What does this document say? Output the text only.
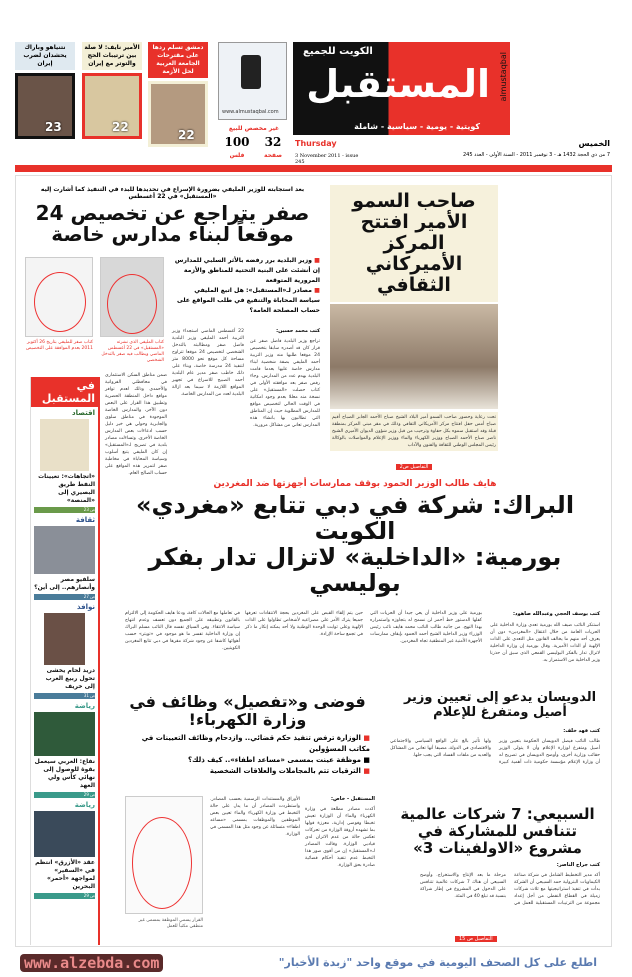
الكويت للجميع
المستقبل
كويتية - يومية - سياسية - شاملة
almustaqbal
www.almustaqbal.com
دمشق تسلم ردها على مقترحات الجامعة العربية لحل الأزمة
22
الأمير نايف: لا صلة بين ترتيبات الحج والتوتر مع إيران
22
نتنياهو وباراك يحشدان لضرب إيران
23	غير مخصص للبيع
100
فلس
32
صفحة
Thursday
3 November 2011 - issue 245
الخميس
7 من ذي الحجة 1432 هـ - 3 نوفمبر 2011 - السنة الأولى - العدد 245
صاحب السمو الأمير افتتح المركز الأميركاني الثقافي
تحت رعاية وحضور صاحب السمو أمير البلاد الشيخ صباح الأحمد الجابر الصباح أقيم صباح أمس حفل افتتاح مركز الأمريكاني الثقافي وذلك في مقر مبنى المركز بمنطقة قبلة وقد استقبل سموه بكل حفاوة وترحيب من قبل وزير شؤون الديوان الأميري الشيخ ناصر صباح الأحمد الصباح ووزير الكهرباء والماء ووزير الإعلام والمواصلات بالوكالة رئيس المجلس الوطني للثقافة والفنون والآداب
التفاصيل ص2
بعد استجابته للوزير المليفي بضرورة الإسراع في تحديدها للبدء في التنفيذ كما أشارت إليه «المستقبل» في 22 أغسطس
صفر يتراجع عن تخصيص 24 موقعاً لبناء مدارس خاصة
■ وزير البلدية برر رفضه بالأثر السلبي للمدارس إن أنشئت على البنية التحتية للمناطق والأزمة المرورية المتوقعة
■ مصادر لـ«المستقبل»: هل اتبع المليفي سياسة المحاباة والتنفيع في طلب المواقع على حساب المصلحة العامة؟
كتاب المليفي الذي نشرته «المستقبل» في 22 أغسطس الماضي ويطالب فيه صفر بالتدخل الشخصي
كتاب صفر للمليفي بتاريخ 26 أكتوبر 2011 بعدم الموافقة على التخصيص
كتب محمد حسين:
تراجع وزير البلدية فاضل صفر عن قرار كان قد أصدره سابقا بتخصيص 24 موقعا طلبها منه وزير التربية أحمد المليفي بصفة شخصية لبناء مدارس خاصة عليها بعدما قامت البلدية بهدم عدد من المدارس. وجاء رفض صفر بعد موافقته الأولى في كتاب حصلت «المستقبل» على نسخة منه معللا بعدم وجود امكانية في الوقت الحالي لتخصيص مواقع للمدارس المطلوبة حيث إن المناطق التي تطالبون بها بانشاء هذه المدارس تعاني من مشاكل مرورية.
22 أغسطس الماضي استجداء وزير التربية أحمد المليفي وزير البلدية فاضل صفر ومطالبته بالتدخل الشخصي لتخصيص 24 موقعا تتراوح مساحة كل موقع نحو 8000 متر لتنفيذ 24 مدرسة خاصة، وبناء على ذلك خاطب صفر مدير عام البلدية أحمد الصبيح للاسراع في تجهيز المواقع اللازمة لا سيما بعد ازالة البلدية لعدد من المدارس الخاصة.
ضمن مناطق السكن الاستثماري في محافظتي الفروانية والأحمدي وذلك لعدم توافر مواقع داخل المنطقة الحضرية وتطبيق هذا القرار على البعض دون الآخر، والمدارس الخاصة الموجودة في مناطق سلوى والجابرية وحولي هي خير دليل حسب ادعاءات بعض المدارس الخاصة الأخرى. وتساءلت مصادر بلدية في تصريح لـ«المستقبل» إن كان المليفي يتبع أسلوب وسياسة المحاباة في مخاطبة صفر لتمرير هذه المواقع على حساب الصالح العام.
في المستقبل
اقتصاد
«اتجاهات»: تعيينات النفط طريق البصيري إلى «المنصة»
ص 23
ثقافة
سلفيو مصر وأنصارهم.. إلى أين؟
ص 27
نوافذ
دريد لحام يخشى تحول ربيع العرب إلى خريف
ص 31
رياضة
نفاع: العربي سيعمل بقوة للوصول إلى نهائي كأس ولي العهد
ص 29
رياضة
عقد «الأزرق» انتظم في «السفير» لمواجهة «أحمر» البحرين
ص 29
هايف طالب الوزير الحمود بوقف ممارسات أجهزتها ضد المغردين
البراك: شركة في دبي تتابع «مغردي» الكويت
بورمية: «الداخلية» لاتزال تدار بفكر بوليسي
كتب يوسف الحجي وعبدالله صاهود:
استنكر النائب ضيف الله بورمية تعدي وزارة الداخلية على الحريات العامة من خلال اعتقال «المغردين» دون أن يعرف أحد منهم ما يخالف القانون مثل التعدي على الذات الإلهية أو الذات الأميرية. وقال بورمية إن وزارة الداخلية لاتزال تدار بالفكر البوليسي القمعي الذي سبق أن حذرنا وزير الداخلية من الاستمرار به.
بورمية على وزير الداخلية أن يعي جيدا أن الحريات التي كفلها الدستور خط أحمر لن نسمح له بتجاوزه واستمراره بهذا النهج. من جانبه طالب النائب محمد هايف نائب رئيس الوزراء وزير الداخلية الشيخ أحمد الحمود بإيقاف ممارسات الأجهزة الأمنية غير المنطقية تجاه المغردين.
حين يتم إلقاء القبض على المغردين بحجة الانتقادات تعرفها جميعا يترك الأمر على مصراعيه لأشخاص تطاولوا على الذات الإلهية وعلى ثوابت الوحدة الوطنية ولا أحد يمكنه إنكار ما ذكر في تجمع ساحة الإرادة.
في تعاملها مع الحالات كافة، ودعا هايف الحكومة إلى الالتزام بالقانون وتطبيقه على الجميع دون تعسف وعدم انتهاج سياسة الانتقاء. وفي السياق نفسه قال النائب مسلم البراك إن وزارة الداخلية تفسر ما هو موجود في «تويتر» حسب أهوائها كاشفا عن وجود شركة مقرها في دبي تتابع المغردين الكويتيين.
الدويسان يدعو إلى تعيين وزير أصيل ومتفرغ للإعلام
كتب فهد خلف:
طالب النائب فيصل الدويسان الحكومة بتعيين وزير أصيل ومتفرغ لوزارة الإعلام وأن لا يتولى الوزير حقائب وزارية أخرى، وأوضح الدويسان في تصريح له أن وزارة الإعلام مؤسسة حكومية ذات أهمية كبيرة ولها تأثير بالغ على الواقع السياسي والاجتماعي والاقتصادي في الدولة، مضيفا أنها تعاني من المشاكل والعديد من ملفات الفساد التي يجب حلها.
فوضى و«تفصيل» وظائف في وزارة الكهرباء!
■ الوزارة ترفض تنفيذ حكم قضائي.. وازدحام وظائف التعيينات في مكاتب المسؤولين
■ موظفة عينت بمسمى «مساعد اطفاء».. كيف ذلك؟
■ الترقيات تتم بالمجاملات والعلاقات الشخصية
المستقبل - خاص:
أكدت مصادر مطلعة في وزارة الكهرباء والماء أن الوزارة تعيش تخبطا وفوضى إدارية، معززة قولها بما تشهده أروقة الوزارة من تحركات تعكس حالة من عدم الاتزان لدى قياديي الوزارة. وقالت المصادر لـ«المستقبل» إن من أقوى صور هذا التخبط عدم تنفيذ أحكام قضائية صادرة بحق الوزارة.
الأوراق والمستندات الرسمية بحسب المصادر. واستطردت المصادر أن ما يدل على حالة التخبط في وزارة الكهرباء والماء تعيين بعض الموظفين والموظفات بمسمى «مساعد اطفاء» متسائلة عن وجود مثل هذا المسمى في الوزارة.
القرار يسمي الموظفة بمسمى غير منطقي مكتباً للعمل
السبيعي: 7 شركات عالمية تتنافس للمشاركة في مشروع «الاولفينات 3»
كتب جراح الناصر:
أكد مدير التخطيط الشامل في شركة صناعة الكيماويات البترولية حمد السبيعي أن الشركة بدأت في تنفيذ استراتيجيتها مع ثلاث شركات زميلة في القطاع النفطي من أجل إعداد مجموعة من الترتيبات المستقبلية للعمل في مرحلة ما بعد الإنتاج والاستخراج. وأوضح السبيعي أن هناك 7 شركات عالمية تتنافس على الدخول في المشروع في إطار شراكة بنسبة قد تبلغ 40 في المئة.
التفاصيل ص 15
www.alzebda.com	اطلع على كل الصحف اليومية في موقع واحد "زبدة الأخبار"
